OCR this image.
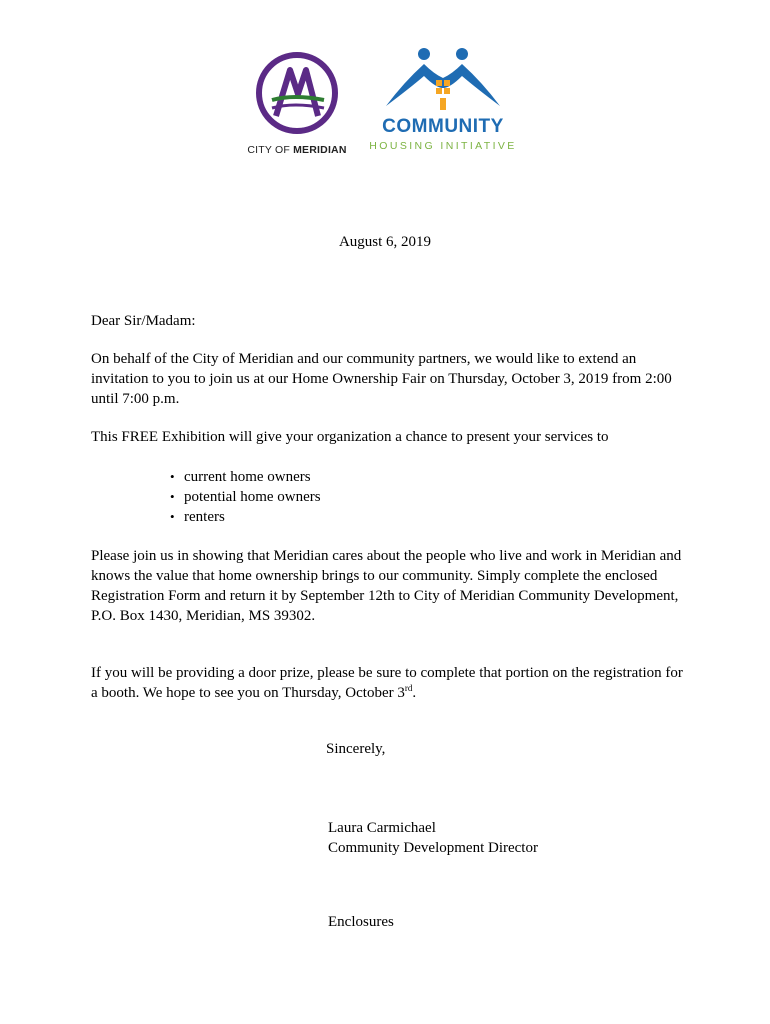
CITY OF MERIDIAN
COMMUNITY
HOUSING INITIATIVE
August 6, 2019
Dear Sir/Madam:

On behalf of the City of Meridian and our community partners, we would like to extend an invitation to you to join us at our Home Ownership Fair on Thursday, October 3, 2019 from 2:00 until 7:00 p.m.

This FREE Exhibition will give your organization a chance to present your services to

• current home owners
• potential home owners
• renters

Please join us in showing that Meridian cares about the people who live and work in Meridian and knows the value that home ownership brings to our community. Simply complete the enclosed Registration Form and return it by September 12th to City of Meridian Community Development, P.O. Box 1430, Meridian, MS 39302.

If you will be providing a door prize, please be sure to complete that portion on the registration for a booth. We hope to see you on Thursday, October 3rd.

Sincerely,
Laura Carmichael
Community Development Director
Enclosures
